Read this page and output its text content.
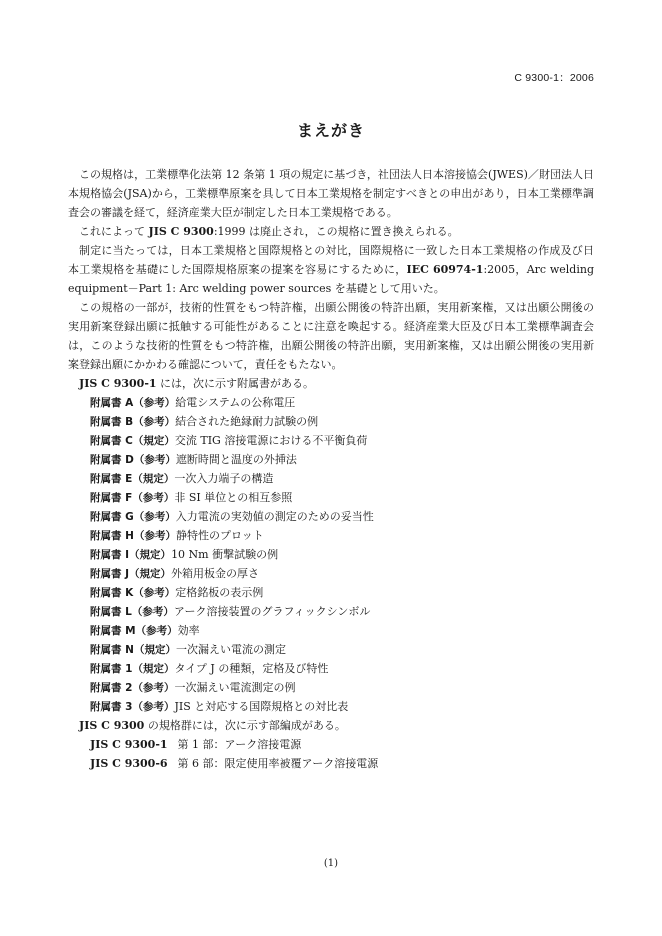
C 9300-1：2006
まえがき

この規格は，工業標準化法第 12 条第 1 項の規定に基づき，社団法人日本溶接協会(JWES)／財団法人日本規格協会(JSA)から，工業標準原案を具して日本工業規格を制定すべきとの申出があり，日本工業標準調査会の審議を経て，経済産業大臣が制定した日本工業規格である。

これによって JIS C 9300:1999 は廃止され，この規格に置き換えられる。

制定に当たっては，日本工業規格と国際規格との対比，国際規格に一致した日本工業規格の作成及び日本工業規格を基礎にした国際規格原案の提案を容易にするために，IEC 60974-1:2005，Arc welding equipment－Part 1: Arc welding power sources を基礎として用いた。

この規格の一部が，技術的性質をもつ特許権，出願公開後の特許出願，実用新案権，又は出願公開後の実用新案登録出願に抵触する可能性があることに注意を喚起する。経済産業大臣及び日本工業標準調査会は，このような技術的性質をもつ特許権，出願公開後の特許出願，実用新案権，又は出願公開後の実用新案登録出願にかかわる確認について，責任をもたない。

JIS C 9300-1 には，次に示す附属書がある。

附属書 A（参考）給電システムの公称電圧
附属書 B（参考）結合された絶縁耐力試験の例
附属書 C（規定）交流 TIG 溶接電源における不平衡負荷
附属書 D（参考）遮断時間と温度の外挿法
附属書 E（規定）一次入力端子の構造
附属書 F（参考）非 SI 単位との相互参照
附属書 G（参考）入力電流の実効値の測定のための妥当性
附属書 H（参考）静特性のプロット
附属書 I（規定）10 Nm 衝撃試験の例
附属書 J（規定）外箱用板金の厚さ
附属書 K（参考）定格銘板の表示例
附属書 L（参考）アーク溶接装置のグラフィックシンボル
附属書 M（参考）効率
附属書 N（規定）一次漏えい電流の測定
附属書 1（規定）タイプ J の種類，定格及び特性
附属書 2（参考）一次漏えい電流測定の例
附属書 3（参考）JIS と対応する国際規格との対比表
JIS C 9300 の規格群には，次に示す部編成がある。
JIS C 9300-1 第 1 部：アーク溶接電源
JIS C 9300-6 第 6 部：限定使用率被覆アーク溶接電源
(1)
